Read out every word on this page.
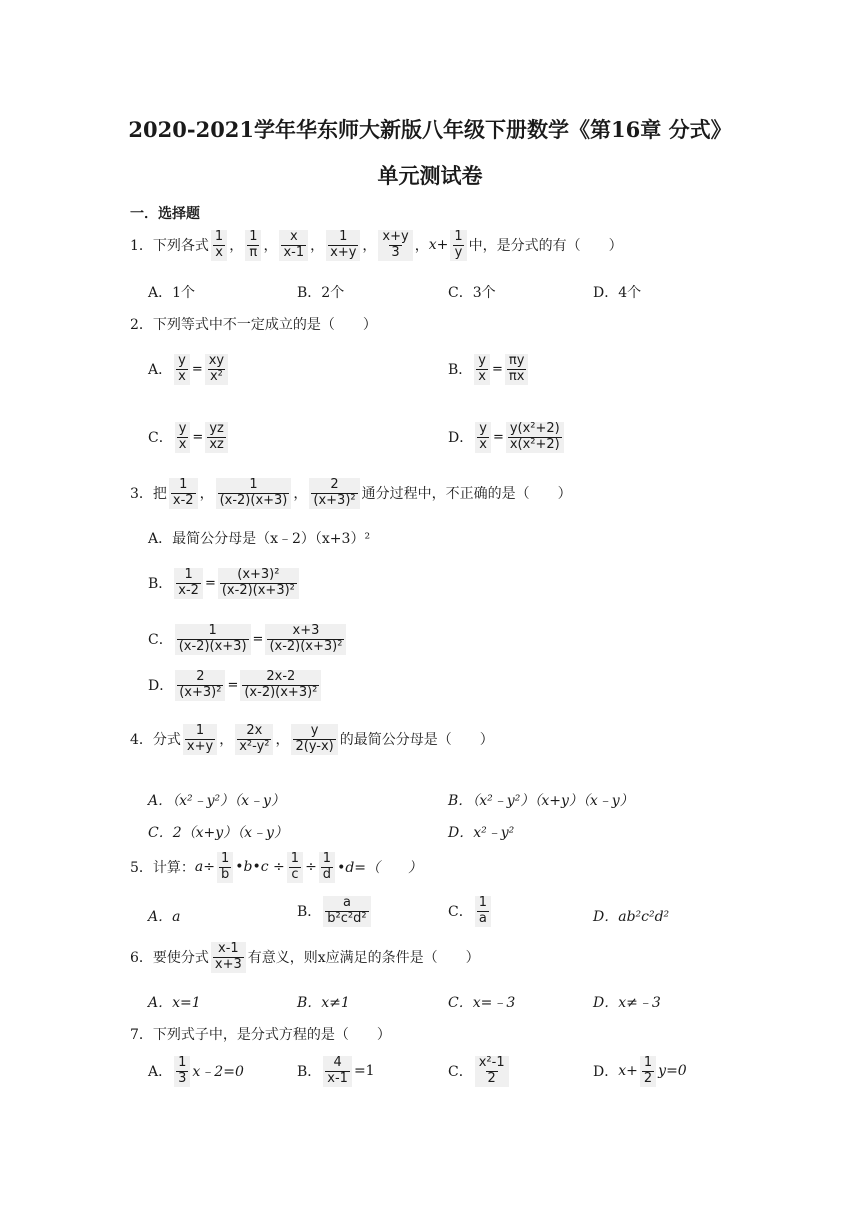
2020-2021学年华东师大新版八年级下册数学《第16章 分式》
单元测试卷
一．选择题
1． 下列各式 $\frac{1}{x}$ ， $\frac{1}{\pi}$ ， $\frac{x}{x-1}$ ， $\frac{1}{x+y}$ ， $\frac{x+y}{3}$ ， $x+ \frac{1}{y}$ 中，是分式的有（　　）
A．1个	B．2个	C．3个	D．4个
2． 下列等式中不一定成立的是（　　）
A． $\frac{y}{x} = \frac{xy}{\text{x²}}$	B． $\frac{y}{x} = \frac{\pi y}{\pi x}$
C． $\frac{y}{x} = \frac{yz}{xz}$	D． $\frac{y}{x} = \frac{\text{y(x²+2)}}{\text{x(x²+2)}}$
3． 把 $\frac{1}{x-2}$ ， $\frac{1}{(x-2)(x+3)}$ ， $\frac{2}{\text{(x+3)²}}$ 通分过程中，不正确的是（　　）
A．最简公分母是（x﹣2）（x+3）²
B． $\frac{1}{x-2} = \frac{\text{(x+3)²}}{\text{(x-2)(x+3)²}}$
C． $\frac{1}{(x-2)(x+3)} = \frac{x+3}{\text{(x-2)(x+3)²}}$
D． $\frac{2}{\text{(x+3)²}} = \frac{2x-2}{\text{(x-2)(x+3)²}}$
4． 分式 $\frac{1}{x+y}$ ， $\frac{2x}{\text{x²-y²}}$ ， $\frac{y}{2(y-x)}$ 的最简公分母是（　　）
A．（x²﹣y²）（x﹣y）	B．（x²﹣y²）（x+y）（x﹣y）
C．2（x+y）（x﹣y）	D．x²﹣y²
5． 计算： $a\div \frac{1}{b}$ •b•c ÷ $\frac{1}{c} \div \frac{1}{d}$ •d=（　　）
A．a	B． $\frac{a}{\text{b²c²d²}}$	C． $\frac{1}{a}$	D．ab²c²d²
6． 要使分式 $\frac{x-1}{x+3}$ 有意义，则x应满足的条件是（　　）
A．x=1	B．x≠1	C．x=﹣3	D．x≠﹣3
7． 下列式子中，是分式方程的是（　　）
A． $\frac{1}{3}$ x﹣2=0	B． $\frac{4}{x-1} =1$	C． $\frac{\text{x²-1}}{2}$	D． $x+ \frac{1}{2} y=0$
